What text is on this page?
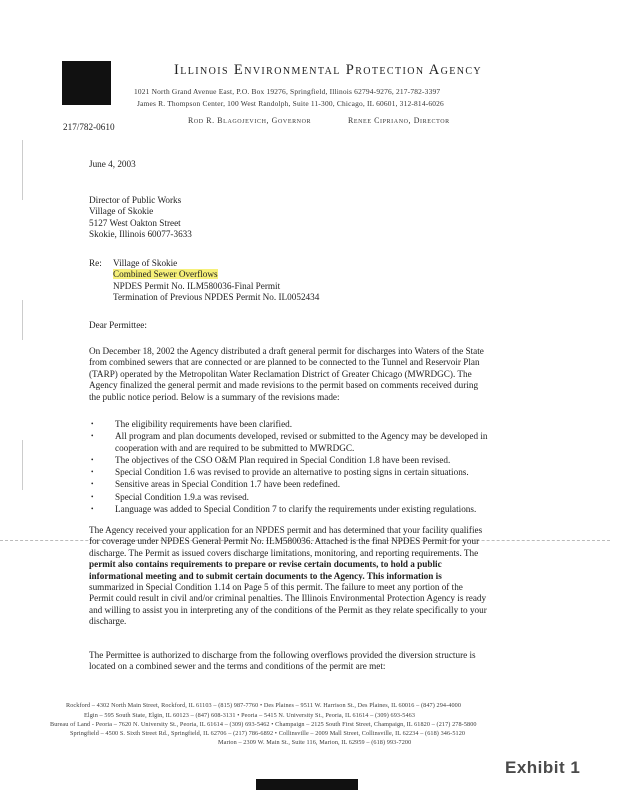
Illinois Environmental Protection Agency
1021 North Grand Avenue East, P.O. Box 19276, Springfield, Illinois 62794-9276, 217-782-3397
James R. Thompson Center, 100 West Randolph, Suite 11-300, Chicago, IL 60601, 312-814-6026
Rod R. Blagojevich, Governor	Renee Cipriano, Director
217/782-0610
June 4, 2003
Director of Public Works
Village of Skokie
5127 West Oakton Street
Skokie, Illinois 60077-3633
Re: Village of Skokie
Combined Sewer Overflows
NPDES Permit No. ILM580036-Final Permit
Termination of Previous NPDES Permit No. IL0052434
Dear Permittee:
On December 18, 2002 the Agency distributed a draft general permit for discharges into Waters of the State
from combined sewers that are connected or are planned to be connected to the Tunnel and Reservoir Plan
(TARP) operated by the Metropolitan Water Reclamation District of Greater Chicago (MWRDGC). The
Agency finalized the general permit and made revisions to the permit based on comments received during
the public notice period. Below is a summary of the revisions made:
• The eligibility requirements have been clarified.
• All program and plan documents developed, revised or submitted to the Agency may be developed in
cooperation with and are required to be submitted to MWRDGC.
• The objectives of the CSO O&M Plan required in Special Condition 1.8 have been revised.
• Special Condition 1.6 was revised to provide an alternative to posting signs in certain situations.
• Sensitive areas in Special Condition 1.7 have been redefined.
• Special Condition 1.9.a was revised.
• Language was added to Special Condition 7 to clarify the requirements under existing regulations.
The Agency received your application for an NPDES permit and has determined that your facility qualifies
for coverage under NPDES General Permit No. ILM580036. Attached is the final NPDES Permit for your
discharge. The Permit as issued covers discharge limitations, monitoring, and reporting requirements. The
permit also contains requirements to prepare or revise certain documents, to hold a public
informational meeting and to submit certain documents to the Agency. This information is
summarized in Special Condition 1.14 on Page 5 of this permit. The failure to meet any portion of the
Permit could result in civil and/or criminal penalties. The Illinois Environmental Protection Agency is ready
and willing to assist you in interpreting any of the conditions of the Permit as they relate specifically to your
discharge.
The Permittee is authorized to discharge from the following overflows provided the diversion structure is
located on a combined sewer and the terms and conditions of the permit are met:
Rockford – 4302 North Main Street, Rockford, IL 61103 – (815) 987-7760 • Des Plaines – 9511 W. Harrison St., Des Plaines, IL 60016 – (847) 294-4000
Elgin – 595 South State, Elgin, IL 60123 – (847) 608-3131 • Peoria – 5415 N. University St., Peoria, IL 61614 – (309) 693-5463
Bureau of Land - Peoria – 7620 N. University St., Peoria, IL 61614 – (309) 693-5462 • Champaign – 2125 South First Street, Champaign, IL 61820 – (217) 278-5800
Springfield – 4500 S. Sixth Street Rd., Springfield, IL 62706 – (217) 786-6892 • Collinsville – 2009 Mall Street, Collinsville, IL 62234 – (618) 346-5120
Marion – 2309 W. Main St., Suite 116, Marion, IL 62959 – (618) 993-7200
Exhibit 1
